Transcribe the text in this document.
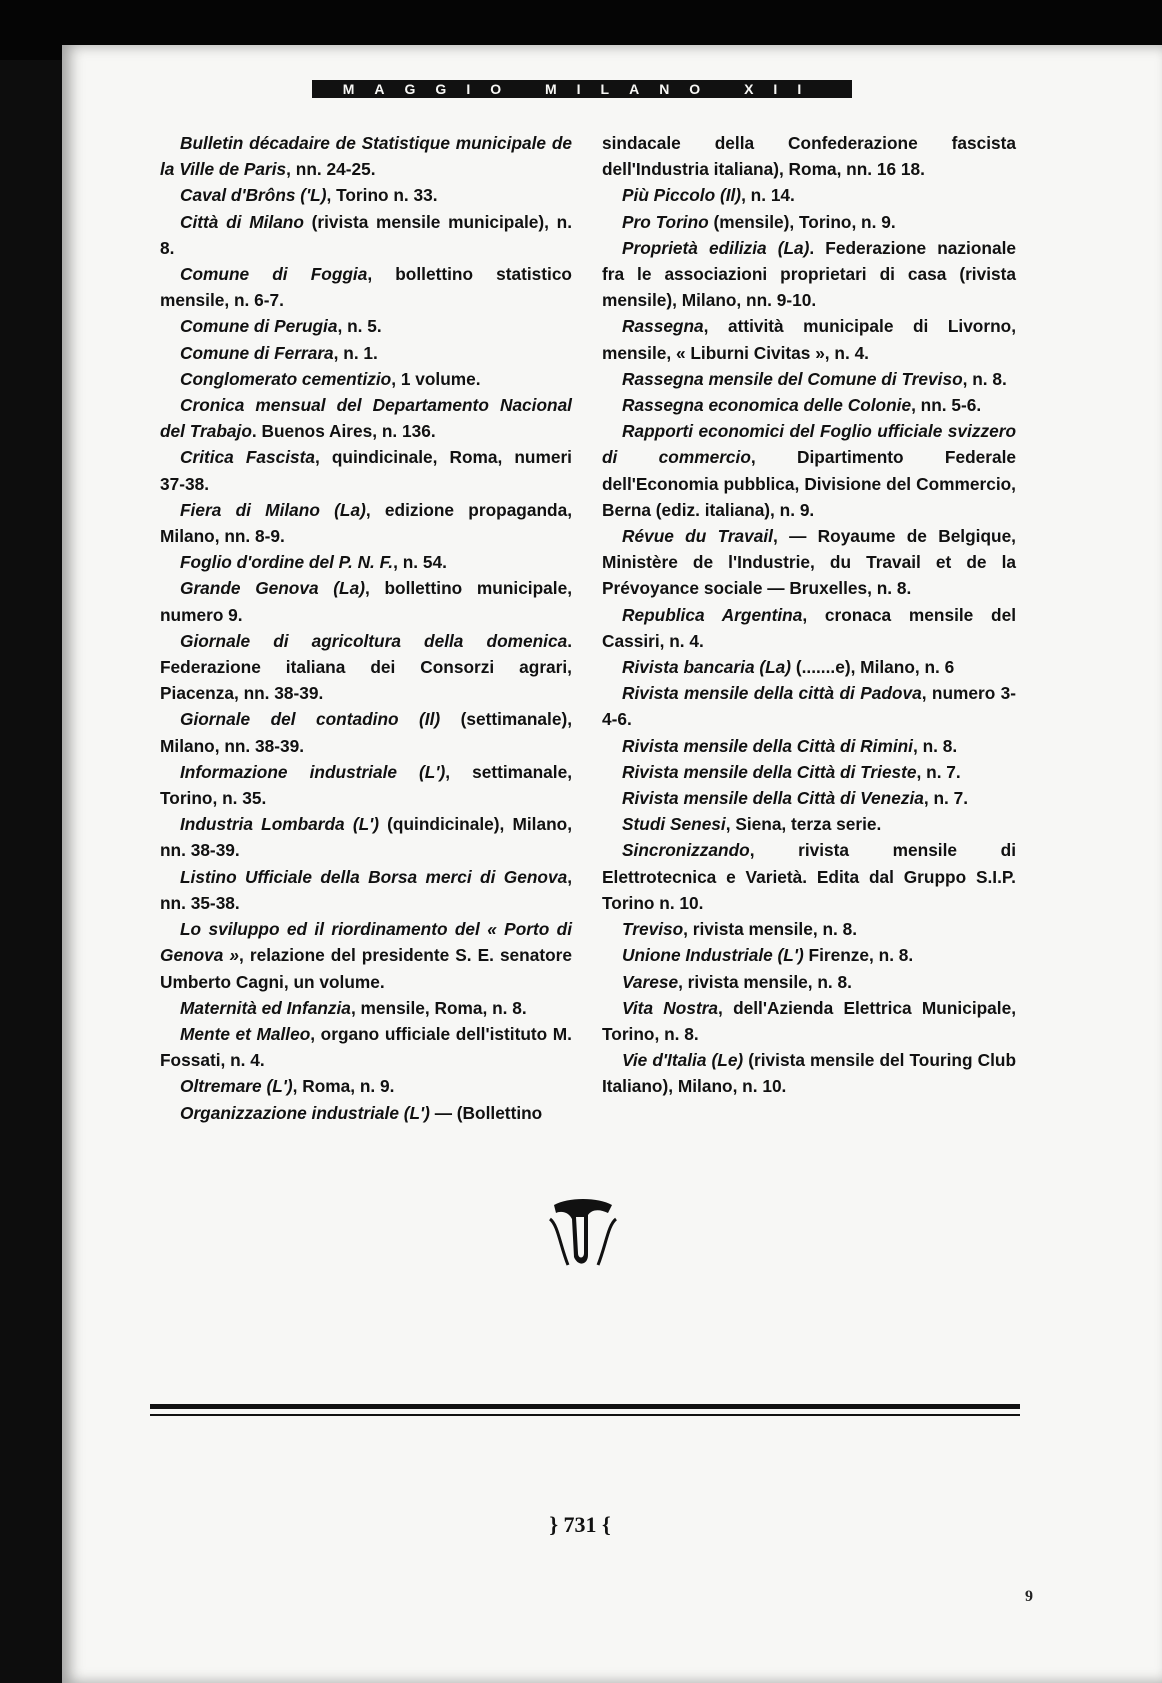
MAGGIO MILANO XII

Bulletin décadaire de Statistique municipale de la Ville de Paris, nn. 24-25.

Caval d'Brôns ('L), Torino n. 33.

Città di Milano (rivista mensile municipale), n. 8.

Comune di Foggia, bollettino statistico mensile, n. 6-7.

Comune di Perugia, n. 5.

Comune di Ferrara, n. 1.

Conglomerato cementizio, 1 volume.

Cronica mensual del Departamento Nacional del Trabajo. Buenos Aires, n. 136.

Critica Fascista, quindicinale, Roma, numeri 37-38.

Fiera di Milano (La), edizione propaganda, Milano, nn. 8-9.

Foglio d'ordine del P. N. F., n. 54.

Grande Genova (La), bollettino municipale, numero 9.

Giornale di agricoltura della domenica. Federazione italiana dei Consorzi agrari, Piacenza, nn. 38-39.

Giornale del contadino (Il) (settimanale), Milano, nn. 38-39.

Informazione industriale (L'), settimanale, Torino, n. 35.

Industria Lombarda (L') (quindicinale), Milano, nn. 38-39.

Listino Ufficiale della Borsa merci di Genova, nn. 35-38.

Lo sviluppo ed il riordinamento del « Porto di Genova », relazione del presidente S. E. senatore Umberto Cagni, un volume.

Maternità ed Infanzia, mensile, Roma, n. 8.

Mente et Malleo, organo ufficiale dell'istituto M. Fossati, n. 4.

Oltremare (L'), Roma, n. 9.

Organizzazione industriale (L') — (Bollettino

sindacale della Confederazione fascista dell'Industria italiana), Roma, nn. 16 18.

Più Piccolo (Il), n. 14.

Pro Torino (mensile), Torino, n. 9.

Proprietà edilizia (La). Federazione nazionale fra le associazioni proprietari di casa (rivista mensile), Milano, nn. 9-10.

Rassegna, attività municipale di Livorno, mensile, « Liburni Civitas », n. 4.

Rassegna mensile del Comune di Treviso, n. 8.

Rassegna economica delle Colonie, nn. 5-6.

Rapporti economici del Foglio ufficiale svizzero di commercio, Dipartimento Federale dell'Economia pubblica, Divisione del Commercio, Berna (ediz. italiana), n. 9.

Révue du Travail, — Royaume de Belgique, Ministère de l'Industrie, du Travail et de la Prévoyance sociale — Bruxelles, n. 8.

Republica Argentina, cronaca mensile del Cassiri, n. 4.

Rivista bancaria (La) (.......e), Milano, n. 6

Rivista mensile della città di Padova, numero 3-4-6.

Rivista mensile della Città di Rimini, n. 8.

Rivista mensile della Città di Trieste, n. 7.

Rivista mensile della Città di Venezia, n. 7.

Studi Senesi, Siena, terza serie.

Sincronizzando, rivista mensile di Elettrotecnica e Varietà. Edita dal Gruppo S.I.P. Torino n. 10.

Treviso, rivista mensile, n. 8.

Unione Industriale (L') Firenze, n. 8.

Varese, rivista mensile, n. 8.

Vita Nostra, dell'Azienda Elettrica Municipale, Torino, n. 8.

Vie d'Italia (Le) (rivista mensile del Touring Club Italiano), Milano, n. 10.

} 731 {
9
